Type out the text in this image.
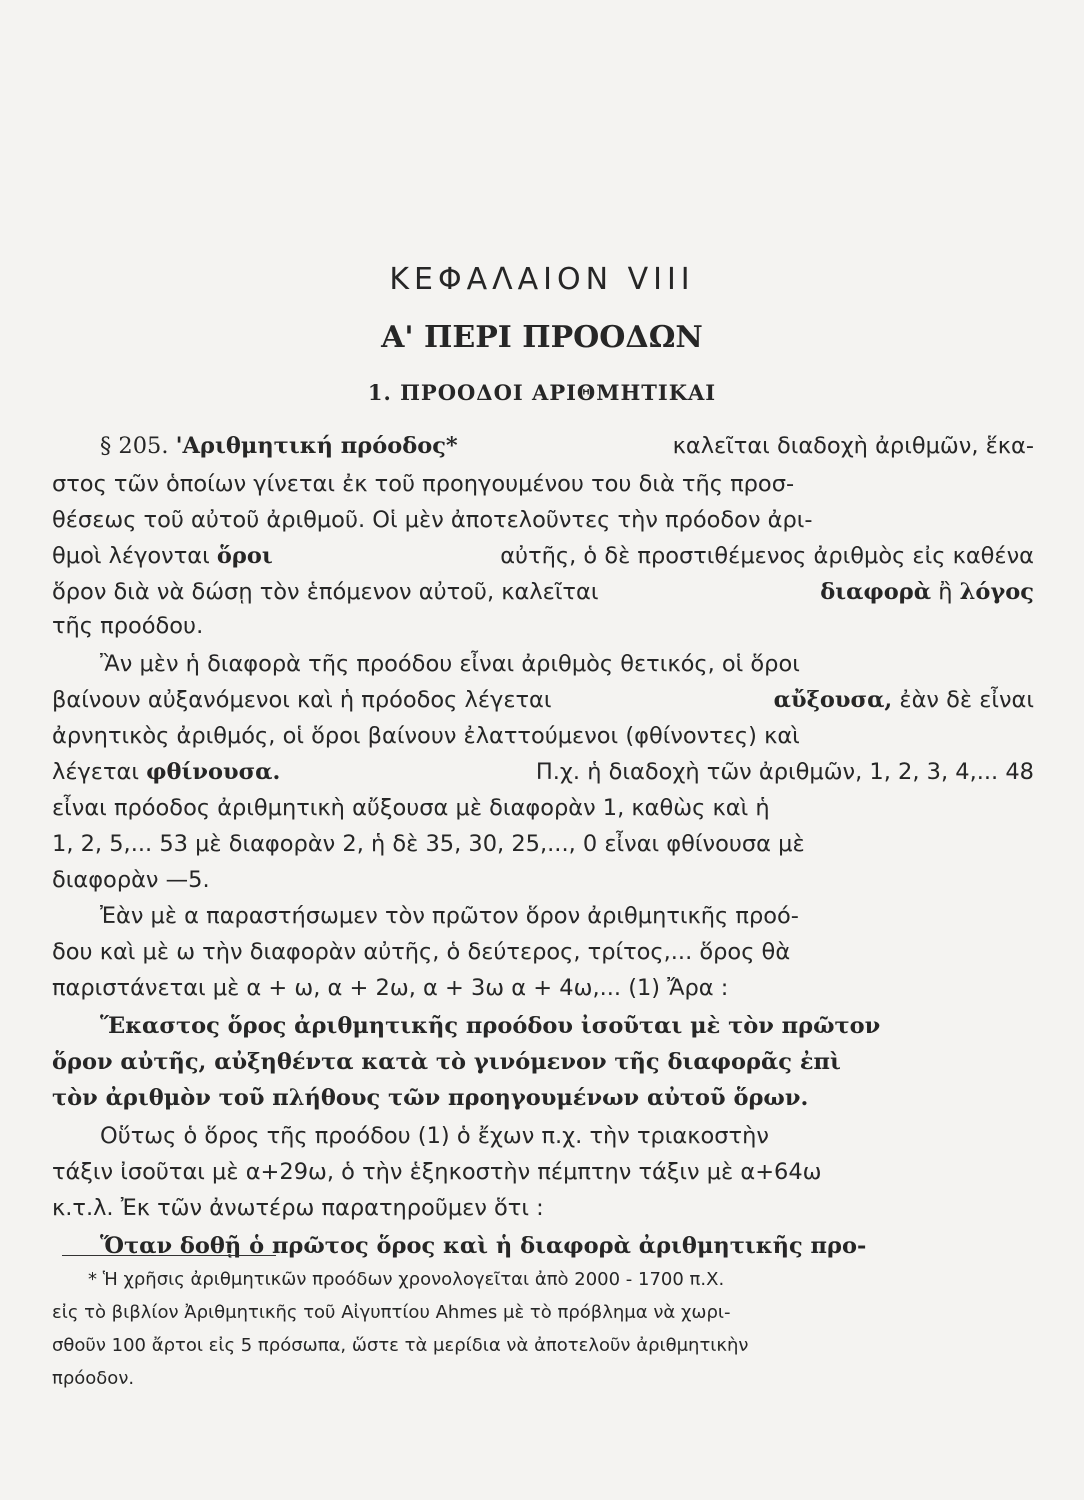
ΚΕΦΑΛΑΙΟΝ VIII
Α' ΠΕΡΙ ΠΡΟΟΔΩΝ
1. ΠΡΟΟΔΟΙ ΑΡΙΘΜΗΤΙΚΑΙ
§ 205. 'Αριθμητική πρόοδος*	καλεῖται διαδοχὴ ἀριθμῶν, ἕκα-
στος τῶν ὁποίων γίνεται ἐκ τοῦ προηγουμένου του διὰ τῆς προσ-
θέσεως τοῦ αὐτοῦ ἀριθμοῦ. Οἱ μὲν ἀποτελοῦντες τὴν πρόοδον ἀρι-
θμοὶ λέγονται ὅροι	αὐτῆς, ὁ δὲ προστιθέμενος ἀριθμὸς εἰς καθένα
ὅρον διὰ νὰ δώσῃ τὸν ἑπόμενον αὐτοῦ, καλεῖται	διαφορὰ ἢ λόγος
τῆς προόδου.
Ἂν μὲν ἡ διαφορὰ τῆς προόδου εἶναι ἀριθμὸς θετικός, οἱ ὅροι
βαίνουν αὐξανόμενοι καὶ ἡ πρόοδος λέγεται	αὔξουσα, ἐὰν δὲ εἶναι
ἀρνητικὸς ἀριθμός, οἱ ὅροι βαίνουν ἐλαττούμενοι (φθίνοντες) καὶ
λέγεται φθίνουσα.	Π.χ. ἡ διαδοχὴ τῶν ἀριθμῶν, 1, 2, 3, 4,... 48
εἶναι πρόοδος ἀριθμητικὴ αὔξουσα μὲ διαφορὰν 1, καθὼς καὶ ἡ
1, 2, 5,... 53 μὲ διαφορὰν 2, ἡ δὲ 35, 30, 25,..., 0 εἶναι φθίνουσα μὲ
διαφορὰν —5.
Ἐὰν μὲ α παραστήσωμεν τὸν πρῶτον ὅρον ἀριθμητικῆς προό-
δου καὶ μὲ ω τὴν διαφορὰν αὐτῆς, ὁ δεύτερος, τρίτος,... ὅρος θὰ
παριστάνεται μὲ α + ω, α + 2ω, α + 3ω α + 4ω,... (1) Ἄρα :
Ἕκαστος ὅρος ἀριθμητικῆς προόδου ἰσοῦται μὲ τὸν πρῶτον
ὅρον αὐτῆς, αὐξηθέντα κατὰ τὸ γινόμενον τῆς διαφορᾶς ἐπὶ
τὸν ἀριθμὸν τοῦ πλήθους τῶν προηγουμένων αὐτοῦ ὅρων.
Οὕτως ὁ ὅρος τῆς προόδου (1) ὁ ἔχων π.χ. τὴν τριακοστὴν
τάξιν ἰσοῦται μὲ α+29ω, ὁ τὴν ἑξηκοστὴν πέμπτην τάξιν μὲ α+64ω
κ.τ.λ. Ἐκ τῶν ἀνωτέρω παρατηροῦμεν ὅτι :
Ὅταν δοθῇ ὁ πρῶτος ὅρος καὶ ἡ διαφορὰ ἀριθμητικῆς προ-
* Ἡ χρῆσις ἀριθμητικῶν προόδων χρονολογεῖται ἀπὸ 2000 - 1700 π.Χ.
εἰς τὸ βιβλίον Ἀριθμητικῆς τοῦ Αἰγυπτίου Ahmes μὲ τὸ πρόβλημα νὰ χωρι-
σθοῦν 100 ἄρτοι εἰς 5 πρόσωπα, ὥστε τὰ μερίδια νὰ ἀποτελοῦν ἀριθμητικὴν
πρόοδον.
